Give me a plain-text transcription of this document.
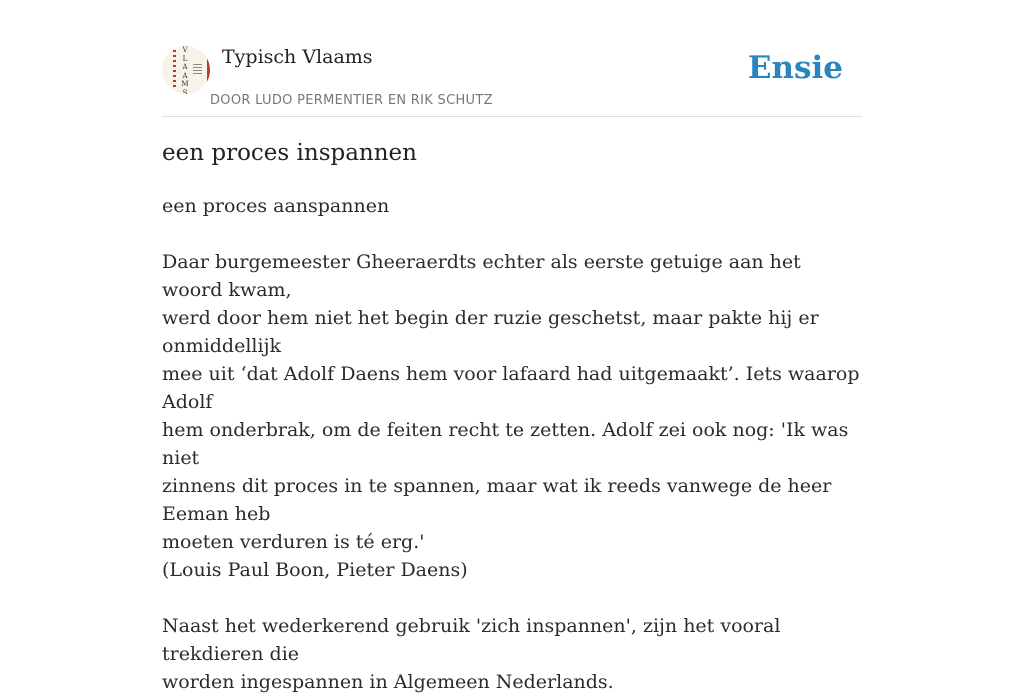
V
L
A
A
M
S
Typisch Vlaams
DOOR LUDO PERMENTIER EN RIK SCHUTZ
Ensie
een proces inspannen

een proces aanspannen

Daar burgemeester Gheeraerdts echter als eerste getuige aan het woord kwam,

werd door hem niet het begin der ruzie geschetst, maar pakte hij er onmiddellijk

mee uit ‘dat Adolf Daens hem voor lafaard had uitgemaakt’. Iets waarop Adolf

hem onderbrak, om de feiten recht te zetten. Adolf zei ook nog: 'Ik was niet

zinnens dit proces in te spannen, maar wat ik reeds vanwege de heer Eeman heb

moeten verduren is té erg.'

(Louis Paul Boon, Pieter Daens)

Naast het wederkerend gebruik 'zich inspannen', zijn het vooral trekdieren die

worden ingespannen in Algemeen Nederlands.
